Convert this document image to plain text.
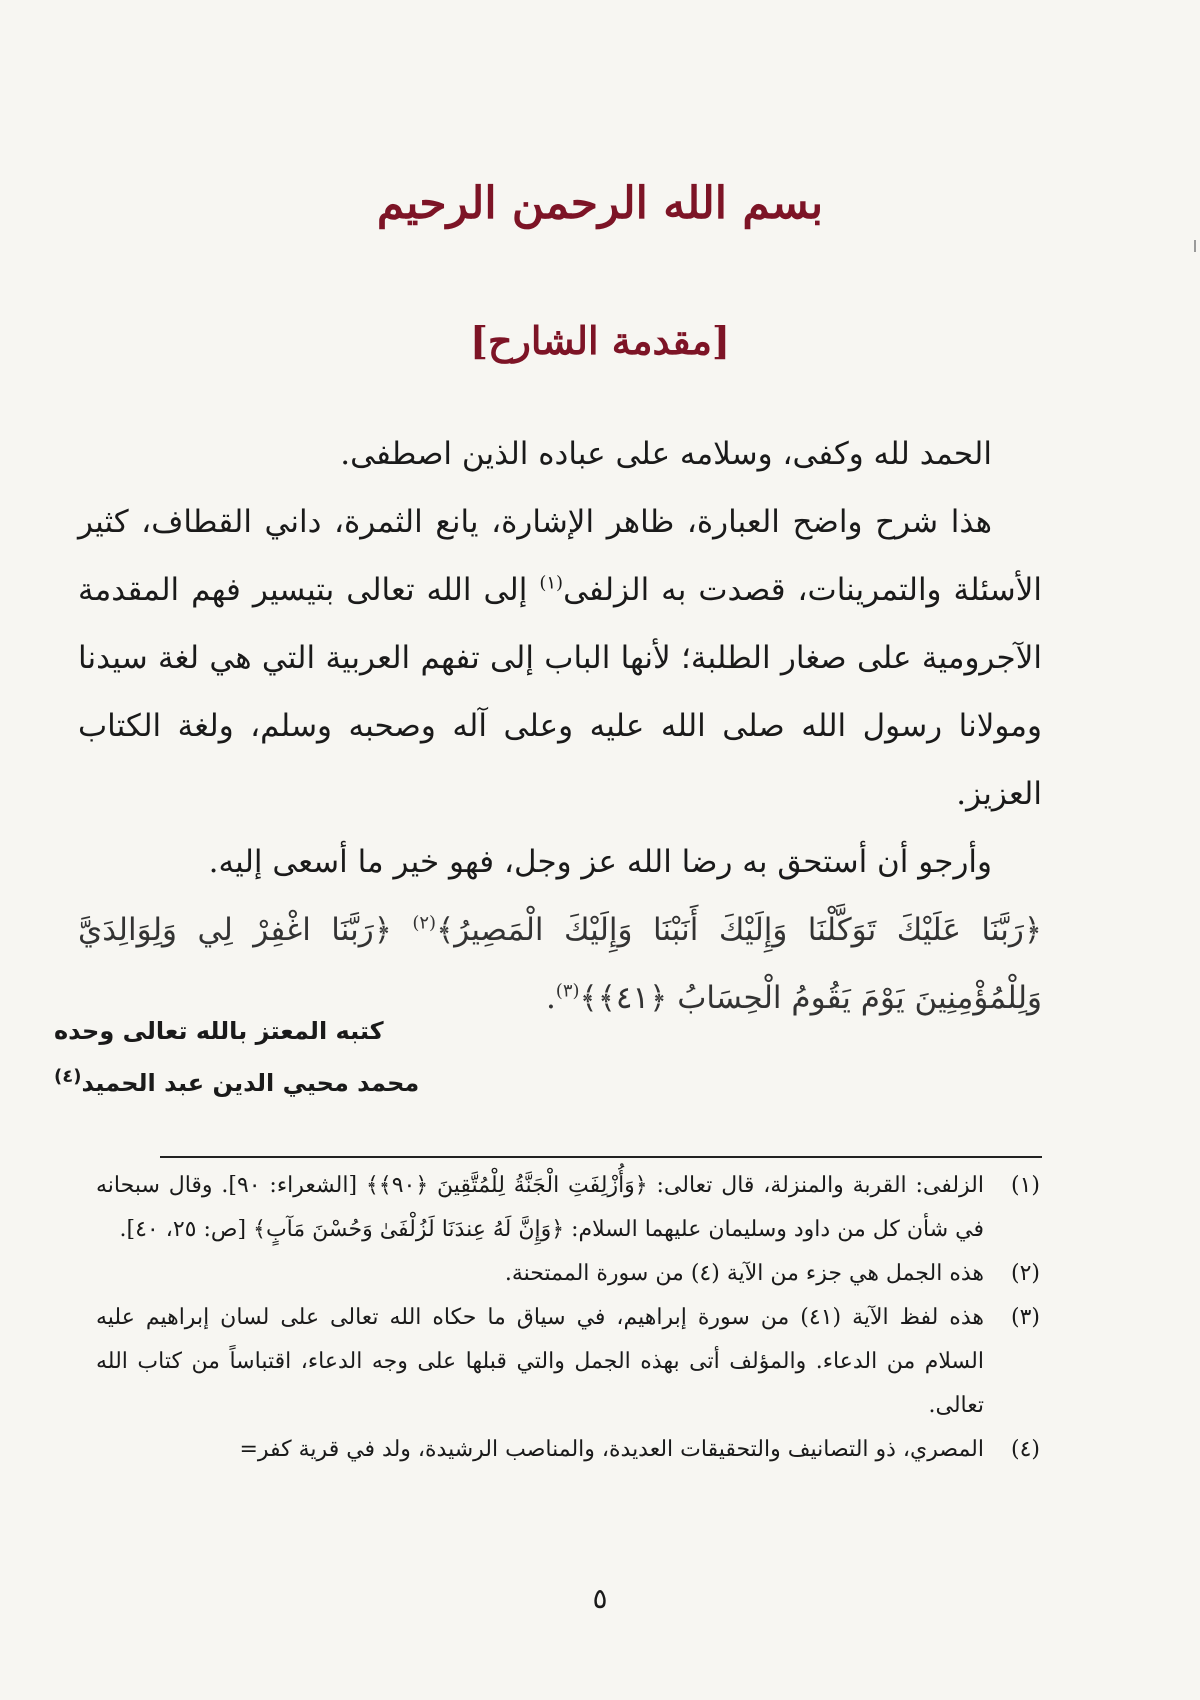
بسم الله الرحمن الرحيم
[مقدمة الشارح]

الحمد لله وكفى، وسلامه على عباده الذين اصطفى.

هذا شرح واضح العبارة، ظاهر الإشارة، يانع الثمرة، داني القطاف، كثير الأسئلة والتمرينات، قصدت به الزلفى$^{(١)}$ إلى الله تعالى بتيسير فهم المقدمة الآجرومية على صغار الطلبة؛ لأنها الباب إلى تفهم العربية التي هي لغة سيدنا ومولانا رسول الله صلى الله عليه وعلى آله وصحبه وسلم، ولغة الكتاب العزيز.

وأرجو أن أستحق به رضا الله عز وجل، فهو خير ما أسعى إليه.

﴿رَبَّنَا عَلَيْكَ تَوَكَّلْنَا وَإِلَيْكَ أَنَبْنَا وَإِلَيْكَ الْمَصِيرُ﴾$^{(٢)}$ ﴿رَبَّنَا اغْفِرْ لِي وَلِوَالِدَيَّ وَلِلْمُؤْمِنِينَ يَوْمَ يَقُومُ الْحِسَابُ ﴿٤١﴾﴾$^{(٣)}$.

كتبه المعتز بالله تعالى وحده
محمد محيي الدين عبد الحميد$^{(٤)}$
(١)
الزلفى: القربة والمنزلة، قال تعالى: ﴿وَأُزْلِفَتِ الْجَنَّةُ لِلْمُتَّقِينَ ﴿٩٠﴾﴾ [الشعراء: ٩٠]. وقال سبحانه في شأن كل من داود وسليمان عليهما السلام: ﴿وَإِنَّ لَهُ عِندَنَا لَزُلْفَىٰ وَحُسْنَ مَآبٍ﴾ [ص: ٢٥، ٤٠].
(٢)
هذه الجمل هي جزء من الآية (٤) من سورة الممتحنة.
(٣)
هذه لفظ الآية (٤١) من سورة إبراهيم، في سياق ما حكاه الله تعالى على لسان إبراهيم عليه السلام من الدعاء. والمؤلف أتى بهذه الجمل والتي قبلها على وجه الدعاء، اقتباساً من كتاب الله تعالى.
(٤)
المصري، ذو التصانيف والتحقيقات العديدة، والمناصب الرشيدة، ولد في قرية كفر=
٥
